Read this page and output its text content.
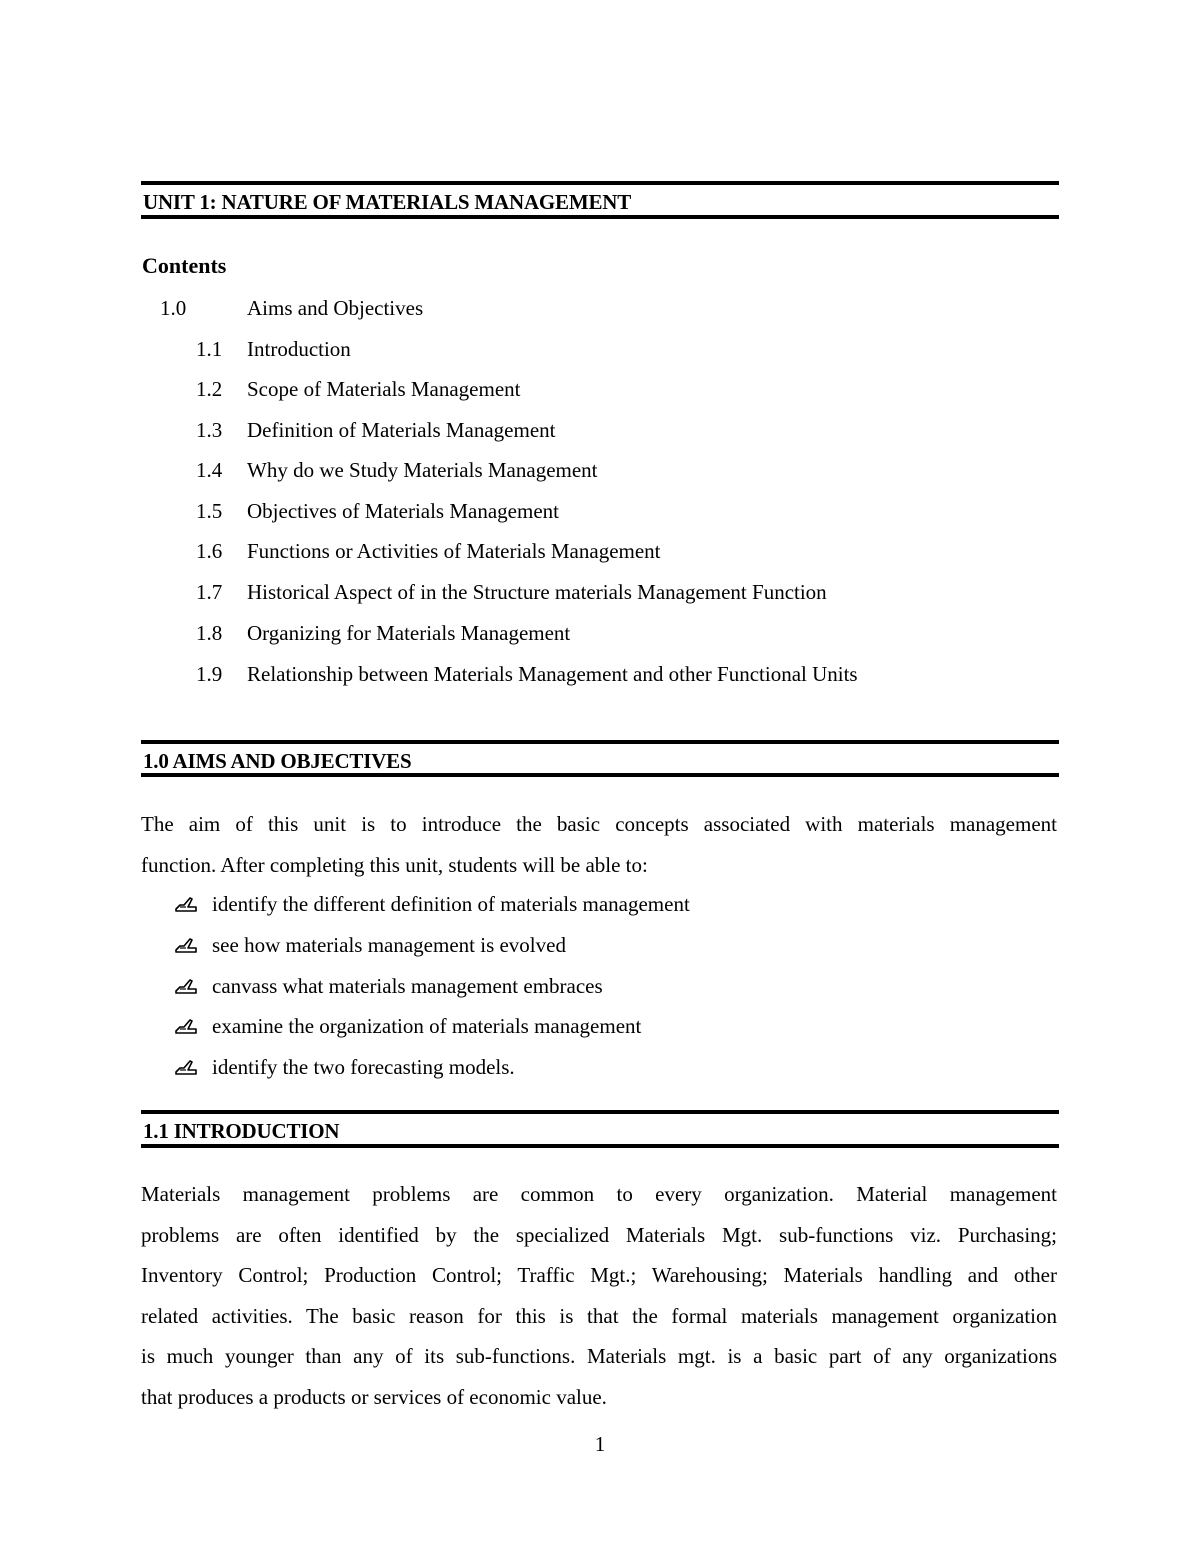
UNIT 1: NATURE OF MATERIALS MANAGEMENT
Contents
1.0	Aims and Objectives
1.1 Introduction
1.2 Scope of Materials Management
1.3 Definition of Materials Management
1.4 Why do we Study Materials Management
1.5 Objectives of Materials Management
1.6 Functions or Activities of Materials Management
1.7 Historical Aspect of in the Structure materials Management Function
1.8 Organizing for Materials Management
1.9 Relationship between Materials Management and other Functional Units
1.0 AIMS AND OBJECTIVES
The aim of this unit is to introduce the basic concepts associated with materials management
function. After completing this unit, students will be able to:
identify the different definition of materials management
see how materials management is evolved
canvass what materials management embraces
examine the organization of materials management
identify the two forecasting models.
1.1 INTRODUCTION
Materials management problems are common to every organization. Material management
problems are often identified by the specialized Materials Mgt. sub-functions viz. Purchasing;
Inventory Control; Production Control; Traffic Mgt.; Warehousing; Materials handling and other
related activities. The basic reason for this is that the formal materials management organization
is much younger than any of its sub-functions. Materials mgt. is a basic part of any organizations
that produces a products or services of economic value.
1
